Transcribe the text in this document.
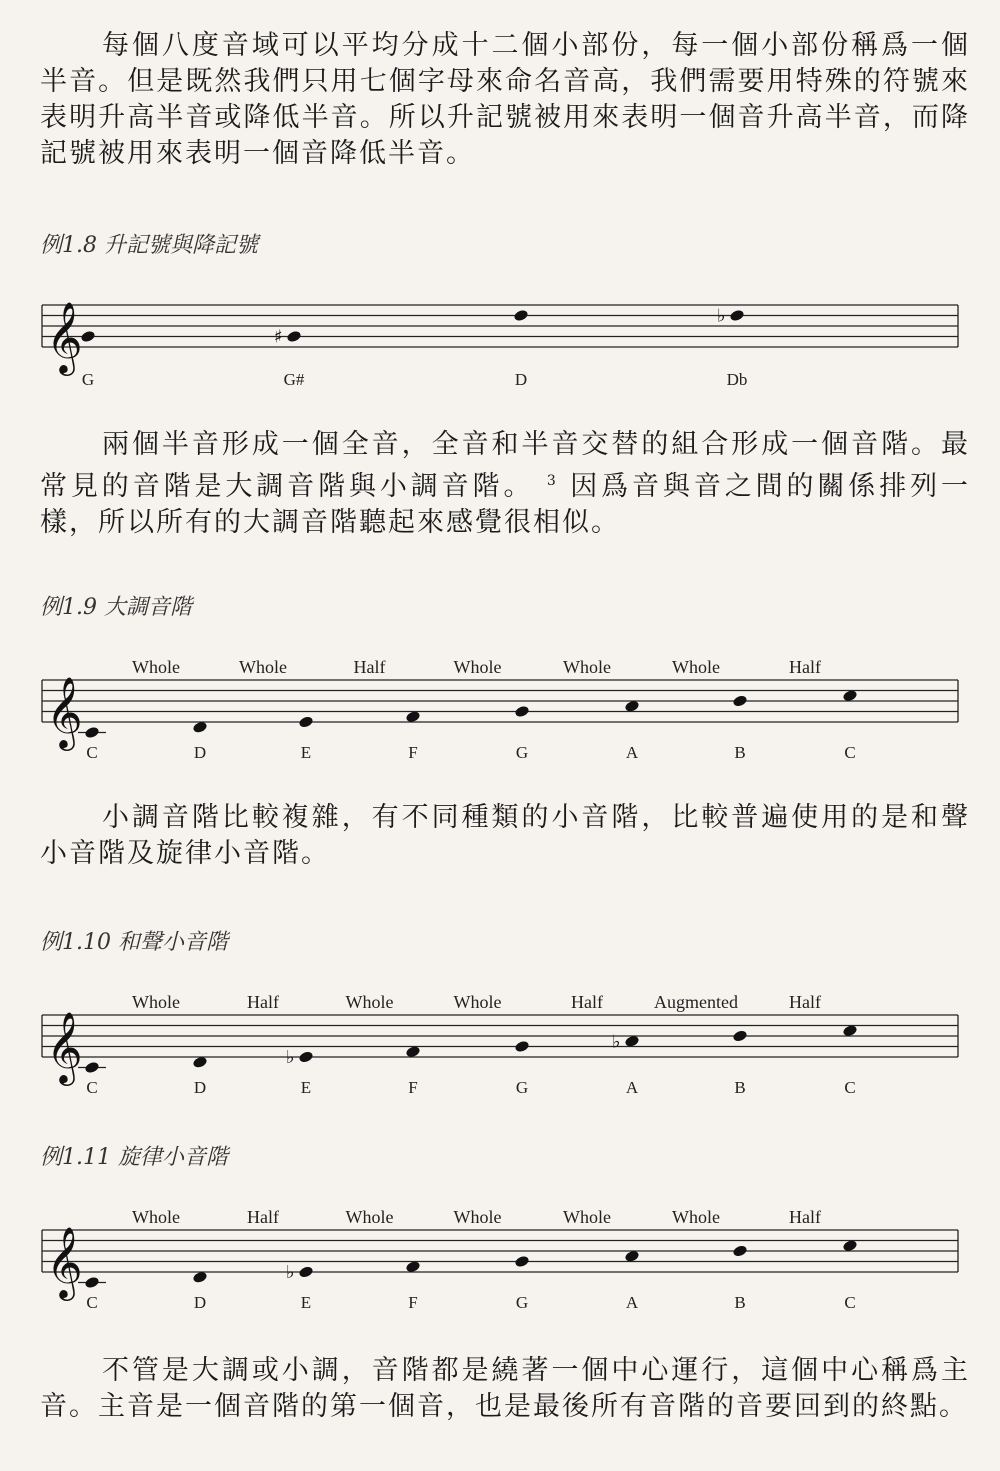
每個八度音域可以平均分成十二個小部份，每一個小部份稱爲一個半音。但是既然我們只用七個字母來命名音高，我們需要用特殊的符號來表明升高半音或降低半音。所以升記號被用來表明一個音升高半音，而降記號被用來表明一個音降低半音。

例1.8 升記號與降記號
𝄞
G
♯
G#	D
♭
Db

兩個半音形成一個全音，全音和半音交替的組合形成一個音階。最常見的音階是大調音階與小調音階。 $^3$ 因爲音與音之間的關係排列一樣，所以所有的大調音階聽起來感覺很相似。

例1.9 大調音階
𝄞
C	D	E	F	G	A	B	C
Whole	Whole	Half	Whole	Whole	Whole	Half

小調音階比較複雜，有不同種類的小音階，比較普遍使用的是和聲小音階及旋律小音階。

例1.10 和聲小音階
𝄞
C	D
♭
E	F	G
♭
A	B	C
Whole	Half	Whole	Whole	Half	Augmented	Half
例1.11 旋律小音階
𝄞
C	D
♭
E	F	G	A	B	C
Whole	Half	Whole	Whole	Whole	Whole	Half

不管是大調或小調，音階都是繞著一個中心運行，這個中心稱爲主音。主音是一個音階的第一個音，也是最後所有音階的音要回到的終點。
